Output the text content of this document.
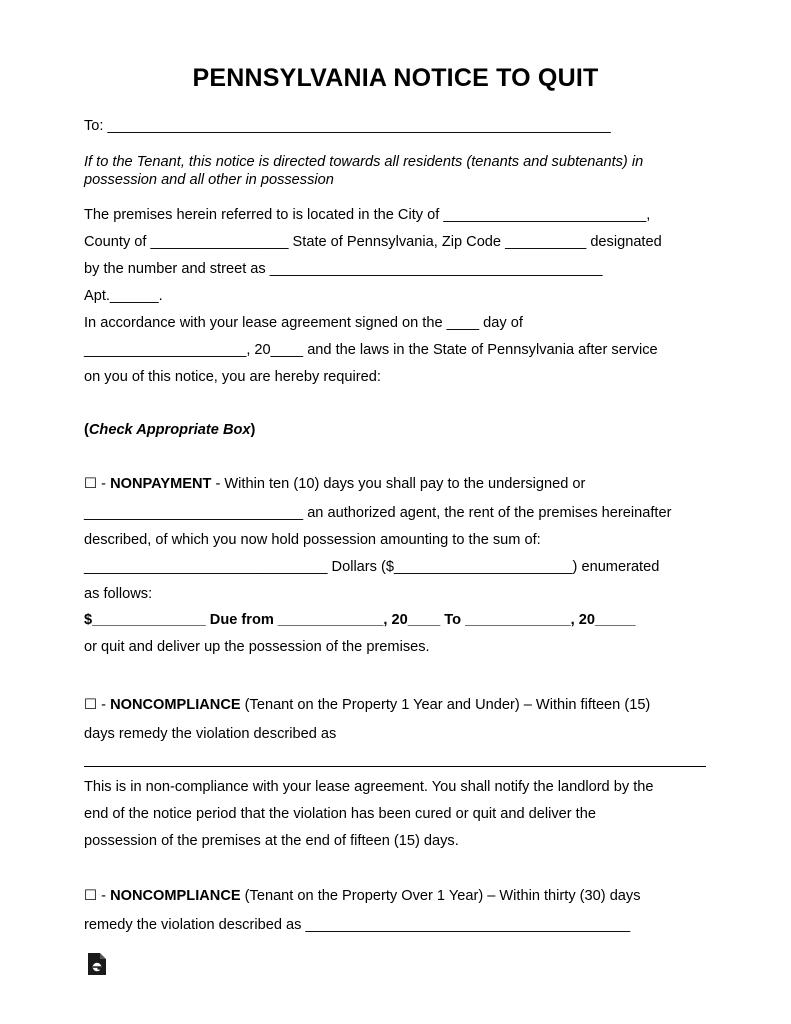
PENNSYLVANIA NOTICE TO QUIT
To: ______________________________________________________________
If to the Tenant, this notice is directed towards all residents (tenants and subtenants) in
possession and all other in possession
The premises herein referred to is located in the City of _________________________,
County of _________________ State of Pennsylvania, Zip Code __________ designated
by the number and street as _________________________________________
Apt.______.
In accordance with your lease agreement signed on the ____ day of
____________________, 20____ and the laws in the State of Pennsylvania after service
on you of this notice, you are hereby required:
(Check Appropriate Box)
☐ - NONPAYMENT - Within ten (10) days you shall pay to the undersigned or
___________________________ an authorized agent, the rent of the premises hereinafter
described, of which you now hold possession amounting to the sum of:
______________________________ Dollars ($______________________) enumerated
as follows:
$______________ Due from _____________, 20____ To _____________, 20_____
or quit and deliver up the possession of the premises.
☐ - NONCOMPLIANCE (Tenant on the Property 1 Year and Under) – Within fifteen (15)
days remedy the violation described as
This is in non-compliance with your lease agreement. You shall notify the landlord by the
end of the notice period that the violation has been cured or quit and deliver the
possession of the premises at the end of fifteen (15) days.
☐ - NONCOMPLIANCE (Tenant on the Property Over 1 Year) – Within thirty (30) days
remedy the violation described as ________________________________________
